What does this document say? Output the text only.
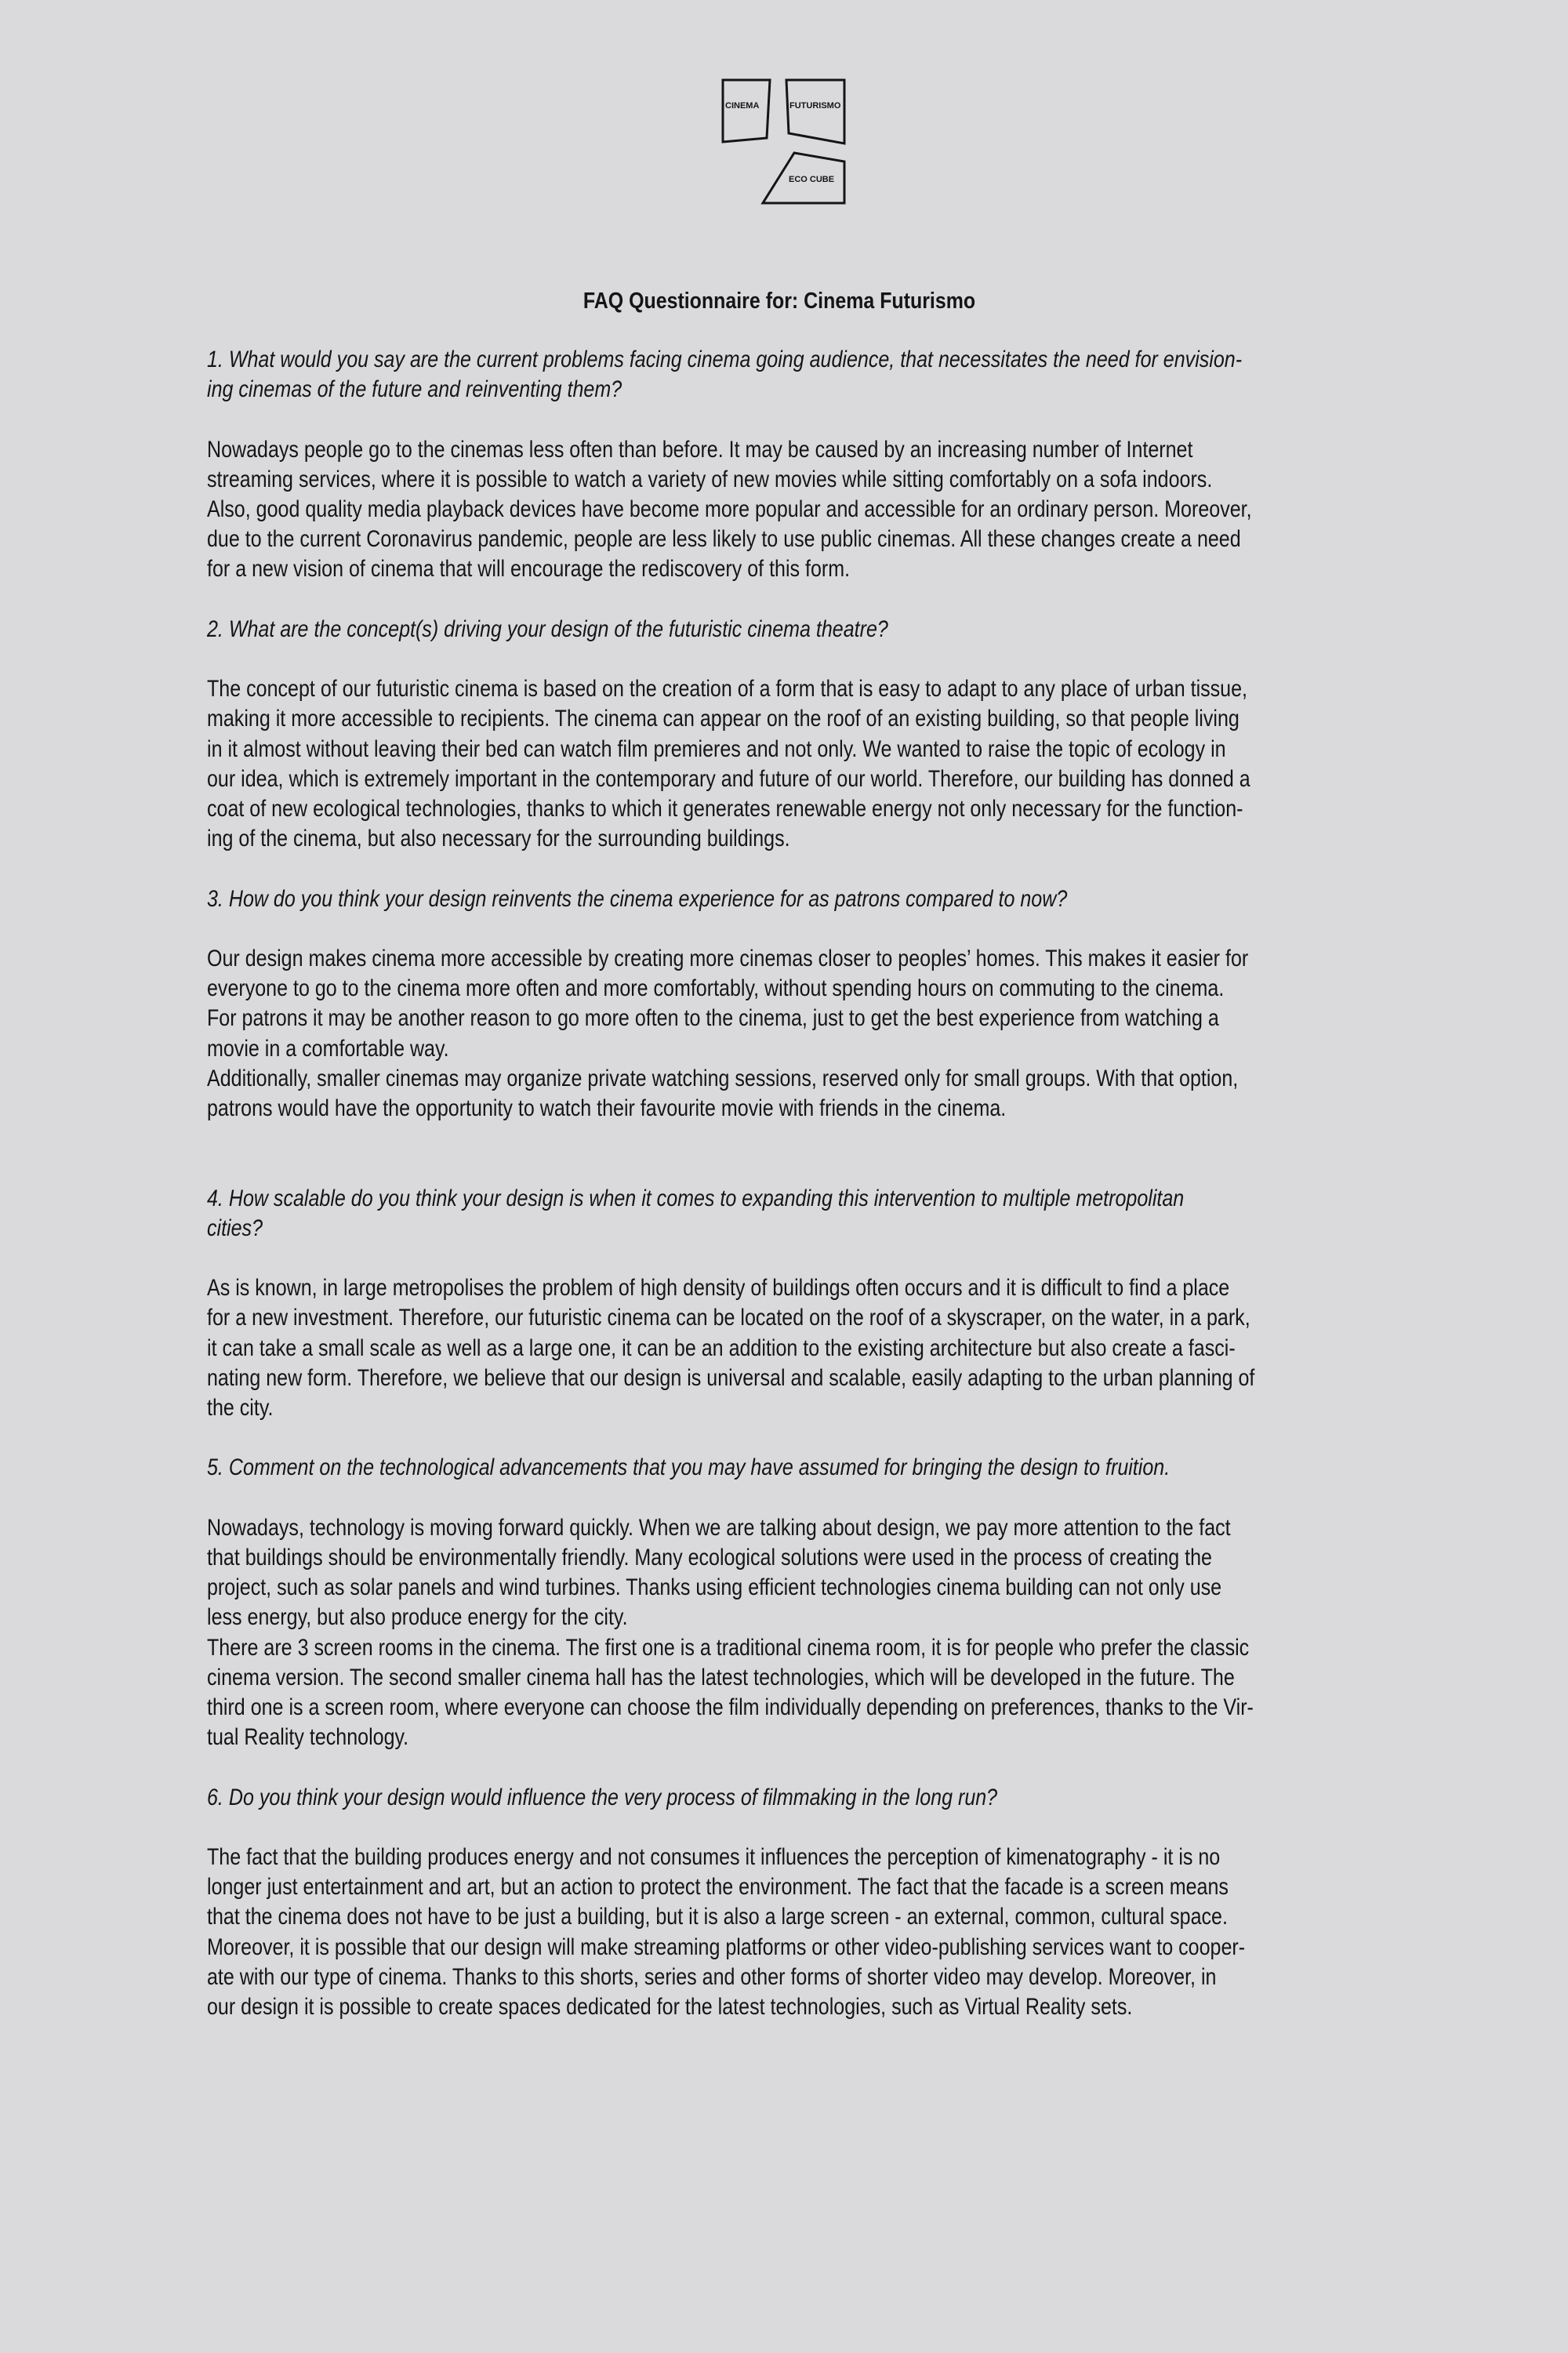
CINEMA	FUTURISMO
ECO CUBE
FAQ Questionnaire for: Cinema Futurismo

1. What would you say are the current problems facing cinema going audience, that necessitates the need for envision-
ing cinemas of the future and reinventing them?

Nowadays people go to the cinemas less often than before. It may be caused by an increasing number of Internet
streaming services, where it is possible to watch a variety of new movies while sitting comfortably on a sofa indoors.
Also, good quality media playback devices have become more popular and accessible for an ordinary person. Moreover,
due to the current Coronavirus pandemic, people are less likely to use public cinemas. All these changes create a need
for a new vision of cinema that will encourage the rediscovery of this form.

2. What are the concept(s) driving your design of the futuristic cinema theatre?

The concept of our futuristic cinema is based on the creation of a form that is easy to adapt to any place of urban tissue,
making it more accessible to recipients. The cinema can appear on the roof of an existing building, so that people living
in it almost without leaving their bed can watch film premieres and not only. We wanted to raise the topic of ecology in
our idea, which is extremely important in the contemporary and future of our world. Therefore, our building has donned a
coat of new ecological technologies, thanks to which it generates renewable energy not only necessary for the function-
ing of the cinema, but also necessary for the surrounding buildings.

3. How do you think your design reinvents the cinema experience for as patrons compared to now?

Our design makes cinema more accessible by creating more cinemas closer to peoples’ homes. This makes it easier for
everyone to go to the cinema more often and more comfortably, without spending hours on commuting to the cinema.
For patrons it may be another reason to go more often to the cinema, just to get the best experience from watching a
movie in a comfortable way.
Additionally, smaller cinemas may organize private watching sessions, reserved only for small groups. With that option,
patrons would have the opportunity to watch their favourite movie with friends in the cinema.

4. How scalable do you think your design is when it comes to expanding this intervention to multiple metropolitan
cities?

As is known, in large metropolises the problem of high density of buildings often occurs and it is difficult to find a place
for a new investment. Therefore, our futuristic cinema can be located on the roof of a skyscraper, on the water, in a park,
it can take a small scale as well as a large one, it can be an addition to the existing architecture but also create a fasci-
nating new form. Therefore, we believe that our design is universal and scalable, easily adapting to the urban planning of
the city.

5. Comment on the technological advancements that you may have assumed for bringing the design to fruition.

Nowadays, technology is moving forward quickly. When we are talking about design, we pay more attention to the fact
that buildings should be environmentally friendly. Many ecological solutions were used in the process of creating the
project, such as solar panels and wind turbines. Thanks using efficient technologies cinema building can not only use
less energy, but also produce energy for the city.
There are 3 screen rooms in the cinema. The first one is a traditional cinema room, it is for people who prefer the classic
cinema version. The second smaller cinema hall has the latest technologies, which will be developed in the future. The
third one is a screen room, where everyone can choose the film individually depending on preferences, thanks to the Vir-
tual Reality technology.

6. Do you think your design would influence the very process of filmmaking in the long run?

The fact that the building produces energy and not consumes it influences the perception of kimenatography - it is no
longer just entertainment and art, but an action to protect the environment. The fact that the facade is a screen means
that the cinema does not have to be just a building, but it is also a large screen - an external, common, cultural space.
Moreover, it is possible that our design will make streaming platforms or other video-publishing services want to cooper-
ate with our type of cinema. Thanks to this shorts, series and other forms of shorter video may develop. Moreover, in
our design it is possible to create spaces dedicated for the latest technologies, such as Virtual Reality sets.
